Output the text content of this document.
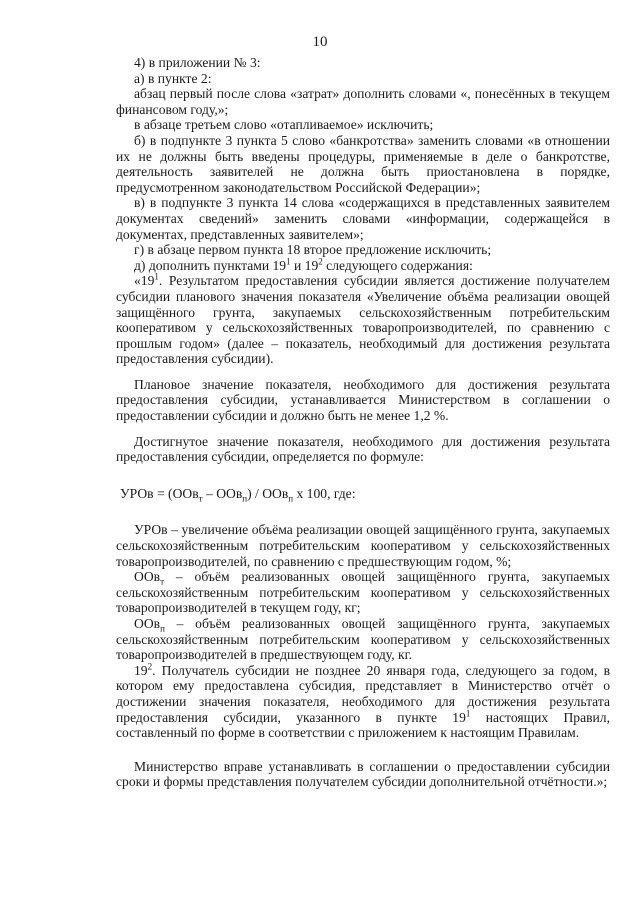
10

4) в приложении № 3:

а) в пункте 2:

абзац первый после слова «затрат» дополнить словами «, понесённых в текущем финансовом году,»;

в абзаце третьем слово «отапливаемое» исключить;

б) в подпункте 3 пункта 5 слово «банкротства» заменить словами «в отношении их не должны быть введены процедуры, применяемые в деле о банкротстве, деятельность заявителей не должна быть приостановлена в порядке, предусмотренном законодательством Российской Федерации»;

в) в подпункте 3 пункта 14 слова «содержащихся в представленных заявителем документах сведений» заменить словами «информации, содержащейся в документах, представленных заявителем»;

г) в абзаце первом пункта 18 второе предложение исключить;

д) дополнить пунктами $19^1$ и $19^2$ следующего содержания:

«$19^1$. Результатом предоставления субсидии является достижение получателем субсидии планового значения показателя «Увеличение объёма реализации овощей защищённого грунта, закупаемых сельскохозяйственным потребительским кооперативом у сельскохозяйственных товаропроизводителей, по сравнению с прошлым годом» (далее – показатель, необходимый для достижения результата предоставления субсидии).

Плановое значение показателя, необходимого для достижения результата предоставления субсидии, устанавливается Министерством в соглашении о предоставлении субсидии и должно быть не менее 1,2 %.

Достигнутое значение показателя, необходимого для достижения результата предоставления субсидии, определяется по формуле:

УРОв = (ООв$_т$ – ООв$_п$) / ООв$_п$ х 100, где:

УРОв – увеличение объёма реализации овощей защищённого грунта, закупаемых сельскохозяйственным потребительским кооперативом у сельскохозяйственных товаропроизводителей, по сравнению с предшествующим годом, %;

ООв$_т$ – объём реализованных овощей защищённого грунта, закупаемых сельскохозяйственным потребительским кооперативом у сельскохозяйственных товаропроизводителей в текущем году, кг;

ООв$_п$ – объём реализованных овощей защищённого грунта, закупаемых сельскохозяйственным потребительским кооперативом у сельскохозяйственных товаропроизводителей в предшествующем году, кг.

$19^2$. Получатель субсидии не позднее 20 января года, следующего за годом, в котором ему предоставлена субсидия, представляет в Министерство отчёт о достижении значения показателя, необходимого для достижения результата предоставления субсидии, указанного в пункте $19^1$ настоящих Правил, составленный по форме в соответствии с приложением к настоящим Правилам.

Министерство вправе устанавливать в соглашении о предоставлении субсидии сроки и формы представления получателем субсидии дополнительной отчётности.»;
